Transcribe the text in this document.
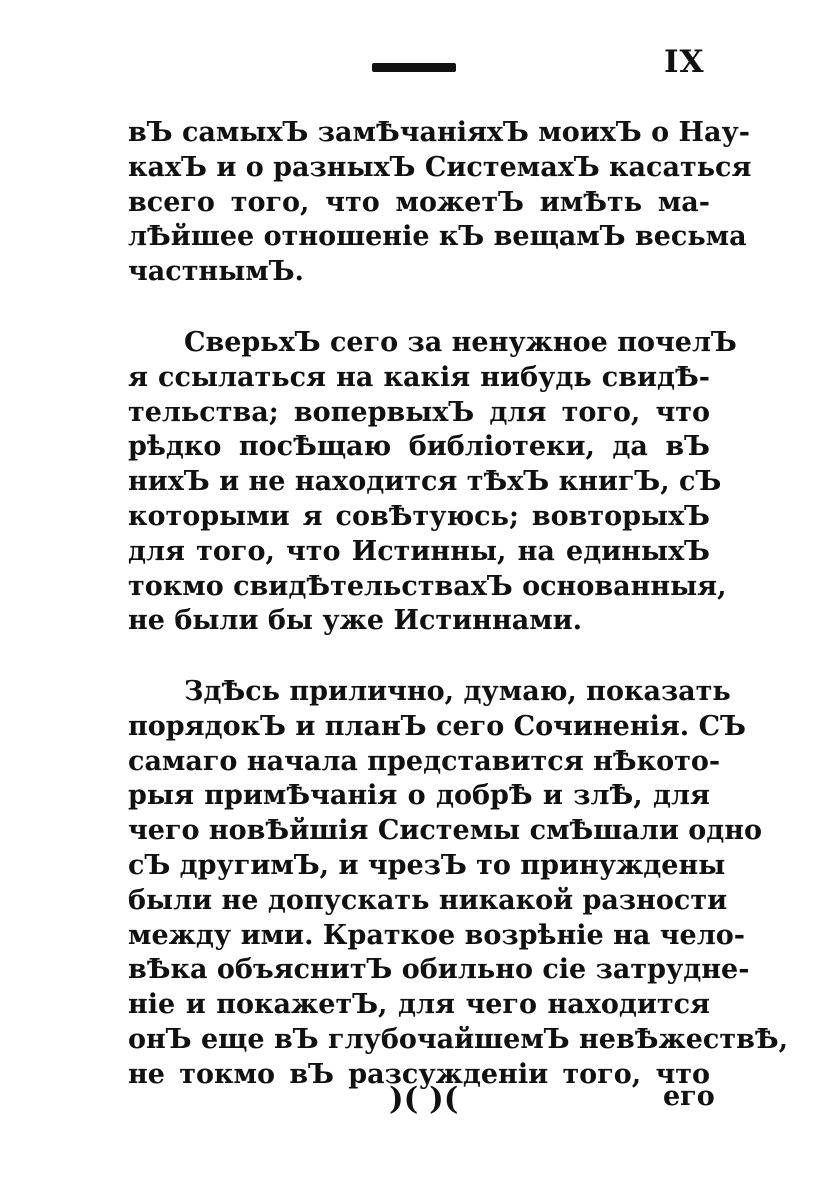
IX
вЪ самыхЪ замѢчаніяхЪ моихЪ о Нау-
кахЪ и о разныхЪ СистемахЪ касаться
всего того, что можетЪ имѢть ма-
лѢйшее отношеніе кЪ вещамЪ весьма
частнымЪ.
СверьхЪ сего за ненужное почелЪ
я ссылаться на какія нибудь свидѢ-
тельства; вопервыхЪ для того, что
рѣдко посѢщаю библіотеки, да вЪ
нихЪ и не находится тѢхЪ книгЪ, сЪ
которыми я совѢтуюсь; вовторыхЪ
для того, что Истинны, на единыхЪ
токмо свидѢтельствахЪ основанныя,
не были бы уже Истиннами.
ЗдѢсь прилично, думаю, показать
порядокЪ и планЪ сего Сочиненія. СЪ
самаго начала представится нѢкото-
рыя примѢчанія о добрѢ и злѢ, для
чего новѢйшія Системы смѢшали одно
сЪ другимЪ, и чрезЪ то принуждены
были не допускать никакой разности
между ими. Краткое возрѣніе на чело-
вѢка объяснитЪ обильно сіе затрудне-
ніе и покажетЪ, для чего находится
онЪ еще вЪ глубочайшемЪ невѢжествѢ,
не токмо вЪ разсужденіи того, что
)( )(	его
